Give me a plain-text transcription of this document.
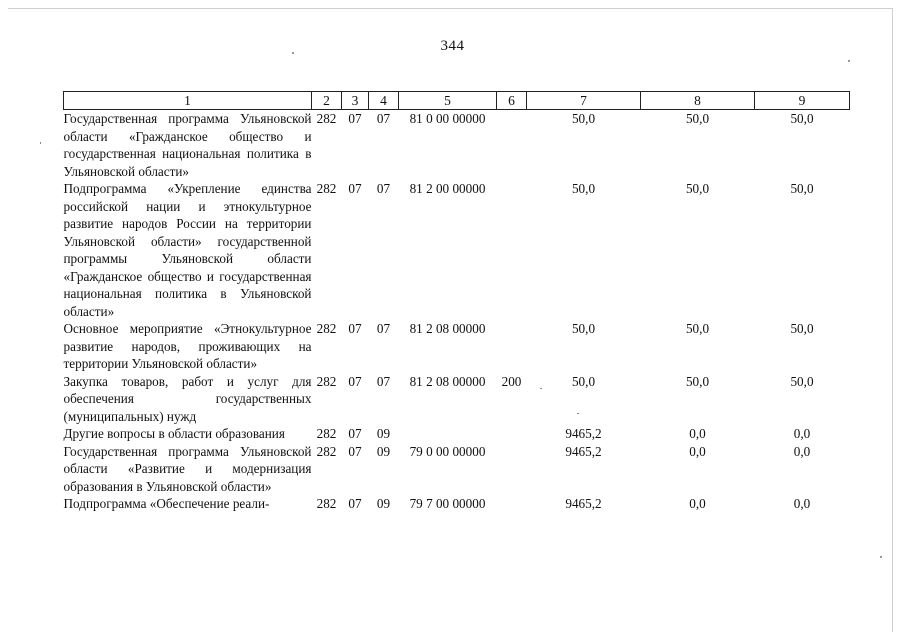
344
1	2	3	4	5	6	7	8	9
Государственная программа Ульяновской области «Гражданское общество и государственная национальная политика в Ульяновской области»	282	07	07	81 0 00 00000		50,0	50,0	50,0
Подпрограмма «Укрепление единства российской нации и этнокультурное развитие народов России на территории Ульяновской области» государственной программы Ульяновской области «Гражданское общество и государственная национальная политика в Ульяновской области»	282	07	07	81 2 00 00000		50,0	50,0	50,0
Основное мероприятие «Этнокультурное развитие народов, проживающих на территории Ульяновской области»	282	07	07	81 2 08 00000		50,0	50,0	50,0
Закупка товаров, работ и услуг для обеспечения государственных (муниципальных) нужд	282	07	07	81 2 08 00000	200	50,0	50,0	50,0
Другие вопросы в области образования	282	07	09			9465,2	0,0	0,0
Государственная программа Ульяновской области «Развитие и модернизация образования в Ульяновской области»	282	07	09	79 0 00 00000		9465,2	0,0	0,0
Подпрограмма «Обеспечение реали-	282	07	09	79 7 00 00000		9465,2	0,0	0,0
